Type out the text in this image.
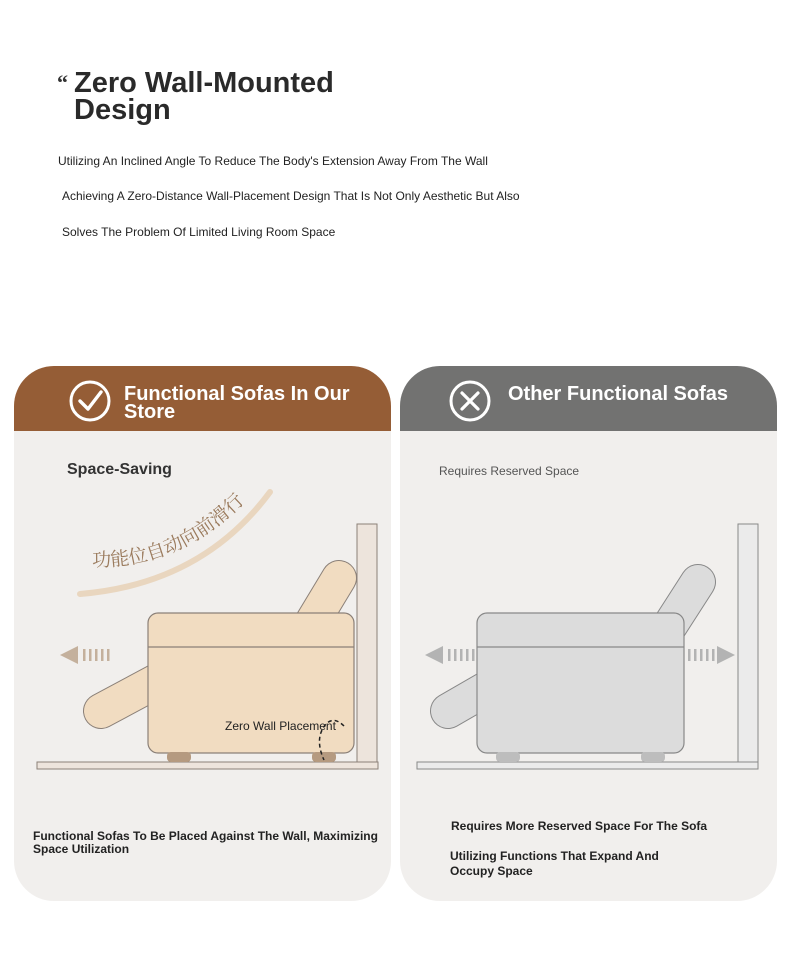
“ Zero Wall-Mounted Design
Utilizing An Inclined Angle To Reduce The Body's Extension Away From The Wall
Achieving A Zero-Distance Wall-Placement Design That Is Not Only Aesthetic But Also
Solves The Problem Of Limited Living Room Space
Functional Sofas In Our Store
Space-Saving
功能位自动向前滑行
Zero Wall Placement
Functional Sofas To Be Placed Against The Wall, Maximizing Space Utilization
Other Functional Sofas
Requires Reserved Space
Requires More Reserved Space For The Sofa
Utilizing Functions That Expand And Occupy Space
